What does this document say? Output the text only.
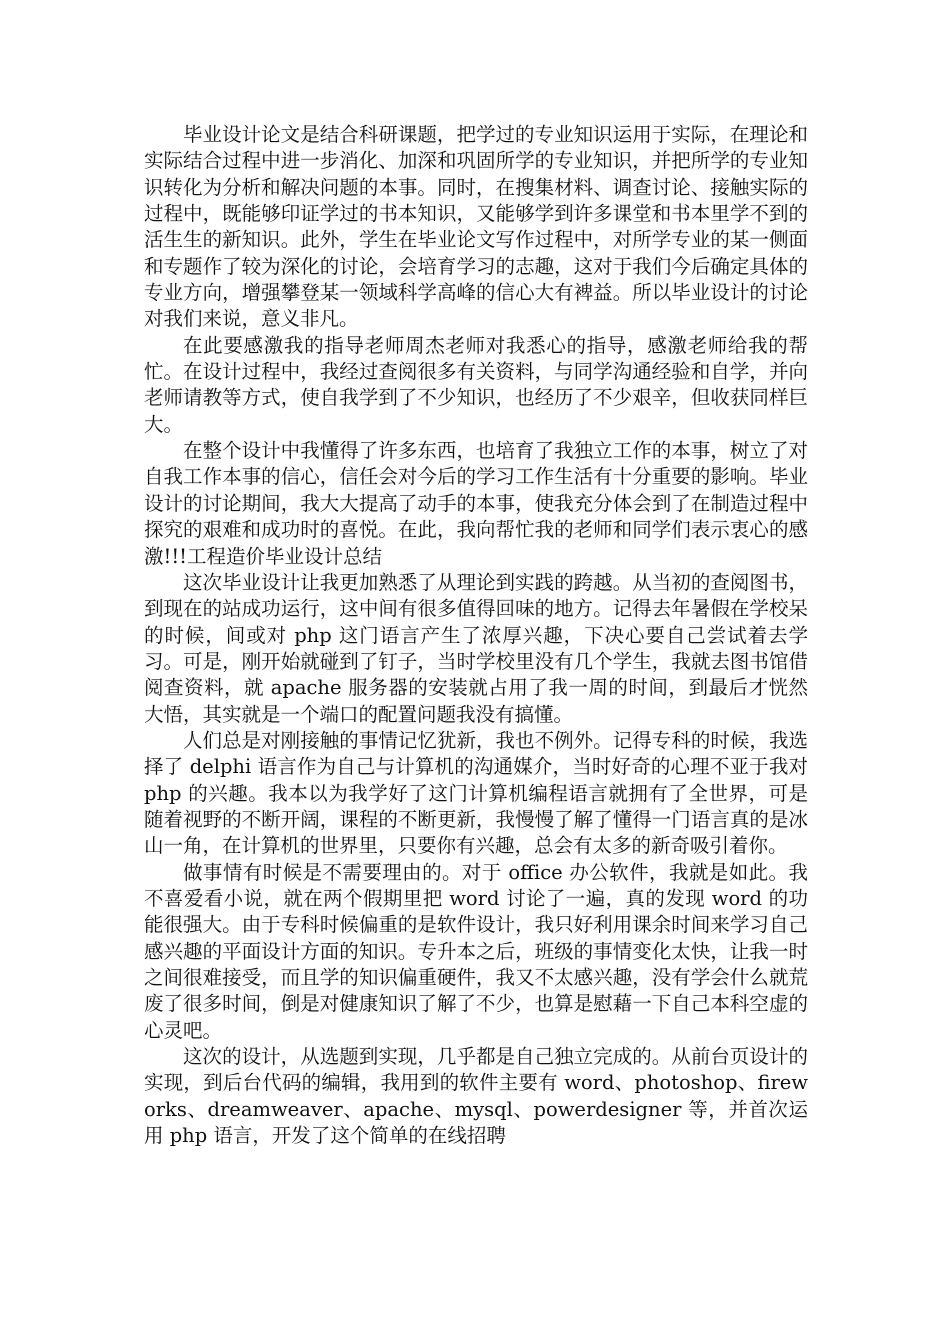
毕业设计论文是结合科研课题，把学过的专业知识运用于实际，在理论和实际结合过程中进一步消化、加深和巩固所学的专业知识，并把所学的专业知识转化为分析和解决问题的本事。同时，在搜集材料、调查讨论、接触实际的过程中，既能够印证学过的书本知识，又能够学到许多课堂和书本里学不到的活生生的新知识。此外，学生在毕业论文写作过程中，对所学专业的某一侧面和专题作了较为深化的讨论，会培育学习的志趣，这对于我们今后确定具体的专业方向，增强攀登某一领域科学高峰的信心大有裨益。所以毕业设计的讨论对我们来说，意义非凡。

在此要感激我的指导老师周杰老师对我悉心的指导，感激老师给我的帮忙。在设计过程中，我经过查阅很多有关资料，与同学沟通经验和自学，并向老师请教等方式，使自我学到了不少知识，也经历了不少艰辛，但收获同样巨大。

在整个设计中我懂得了许多东西，也培育了我独立工作的本事，树立了对自我工作本事的信心，信任会对今后的学习工作生活有十分重要的影响。毕业设计的讨论期间，我大大提高了动手的本事，使我充分体会到了在制造过程中探究的艰难和成功时的喜悦。在此，我向帮忙我的老师和同学们表示衷心的感激!!!工程造价毕业设计总结

这次毕业设计让我更加熟悉了从理论到实践的跨越。从当初的查阅图书，到现在的站成功运行，这中间有很多值得回味的地方。记得去年暑假在学校呆的时候，间或对 php 这门语言产生了浓厚兴趣，下决心要自己尝试着去学习。可是，刚开始就碰到了钉子，当时学校里没有几个学生，我就去图书馆借阅查资料，就 apache 服务器的安装就占用了我一周的时间，到最后才恍然大悟，其实就是一个端口的配置问题我没有搞懂。

人们总是对刚接触的事情记忆犹新，我也不例外。记得专科的时候，我选择了 delphi 语言作为自己与计算机的沟通媒介，当时好奇的心理不亚于我对 php 的兴趣。我本以为我学好了这门计算机编程语言就拥有了全世界，可是随着视野的不断开阔，课程的不断更新，我慢慢了解了懂得一门语言真的是冰山一角，在计算机的世界里，只要你有兴趣，总会有太多的新奇吸引着你。

做事情有时候是不需要理由的。对于 office 办公软件，我就是如此。我不喜爱看小说，就在两个假期里把 word 讨论了一遍，真的发现 word 的功能很强大。由于专科时候偏重的是软件设计，我只好利用课余时间来学习自己感兴趣的平面设计方面的知识。专升本之后，班级的事情变化太快，让我一时之间很难接受，而且学的知识偏重硬件，我又不太感兴趣，没有学会什么就荒废了很多时间，倒是对健康知识了解了不少，也算是慰藉一下自己本科空虚的心灵吧。

这次的设计，从选题到实现，几乎都是自己独立完成的。从前台页设计的实现，到后台代码的编辑，我用到的软件主要有 word、photoshop、fireworks、dreamweaver、apache、mysql、powerdesigner 等，并首次运用 php 语言，开发了这个简单的在线招聘
